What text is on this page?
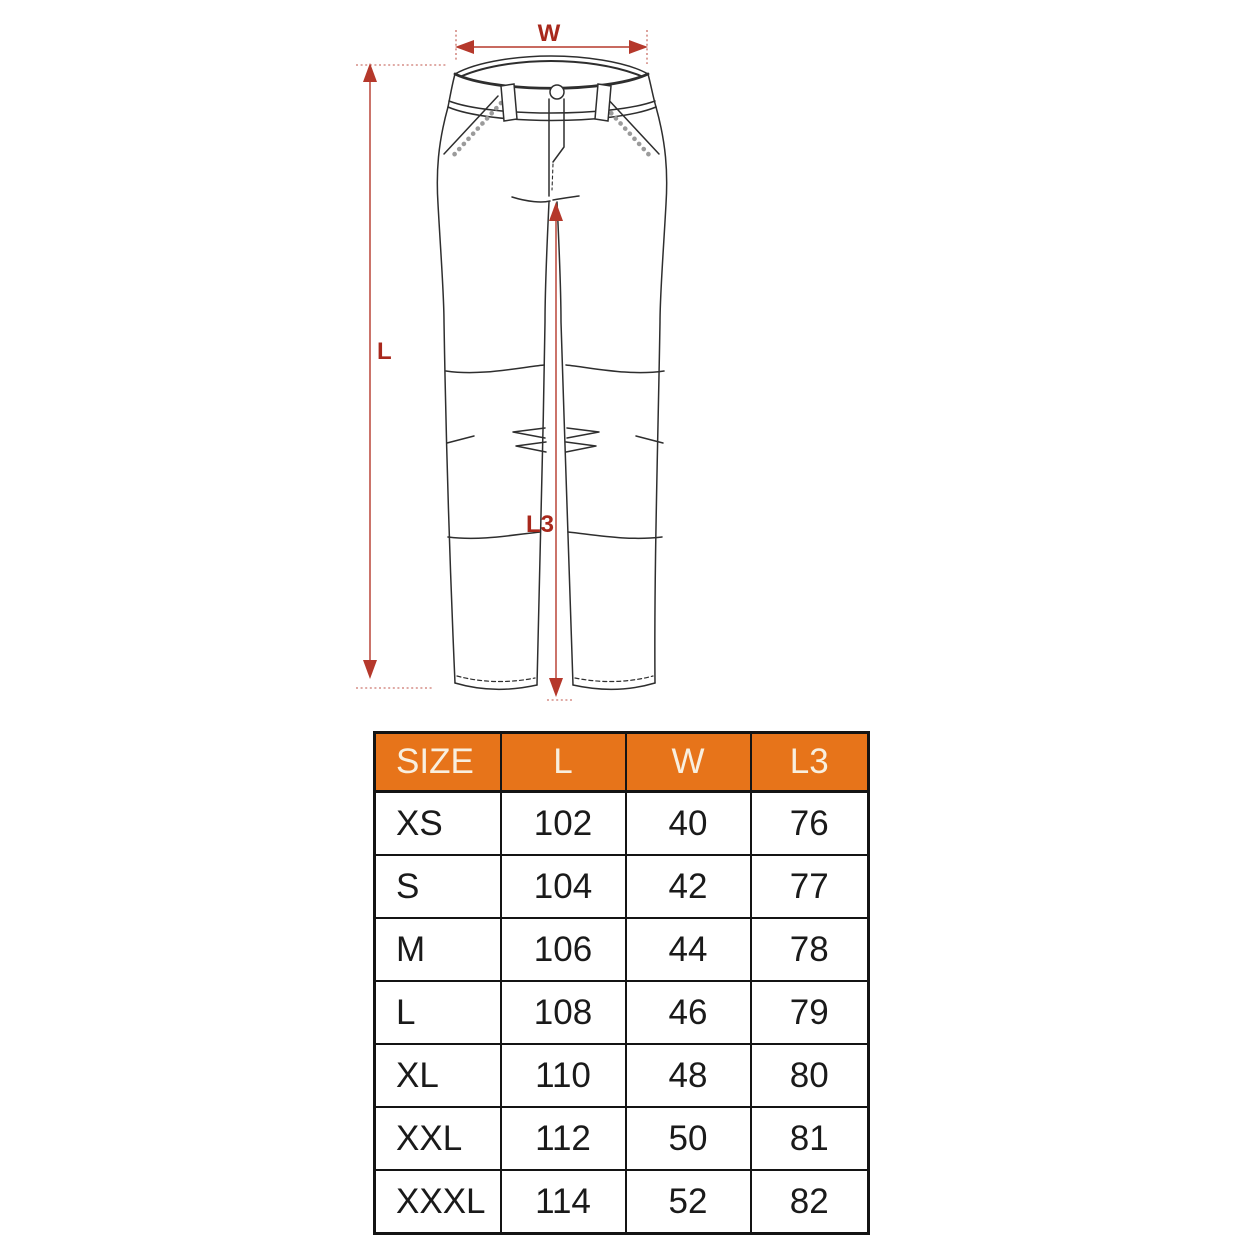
W
L
L3
SIZE	L	W	L3
XS	102	40	76
S	104	42	77
M	106	44	78
L	108	46	79
XL	110	48	80
XXL	112	50	81
XXXL	114	52	82
